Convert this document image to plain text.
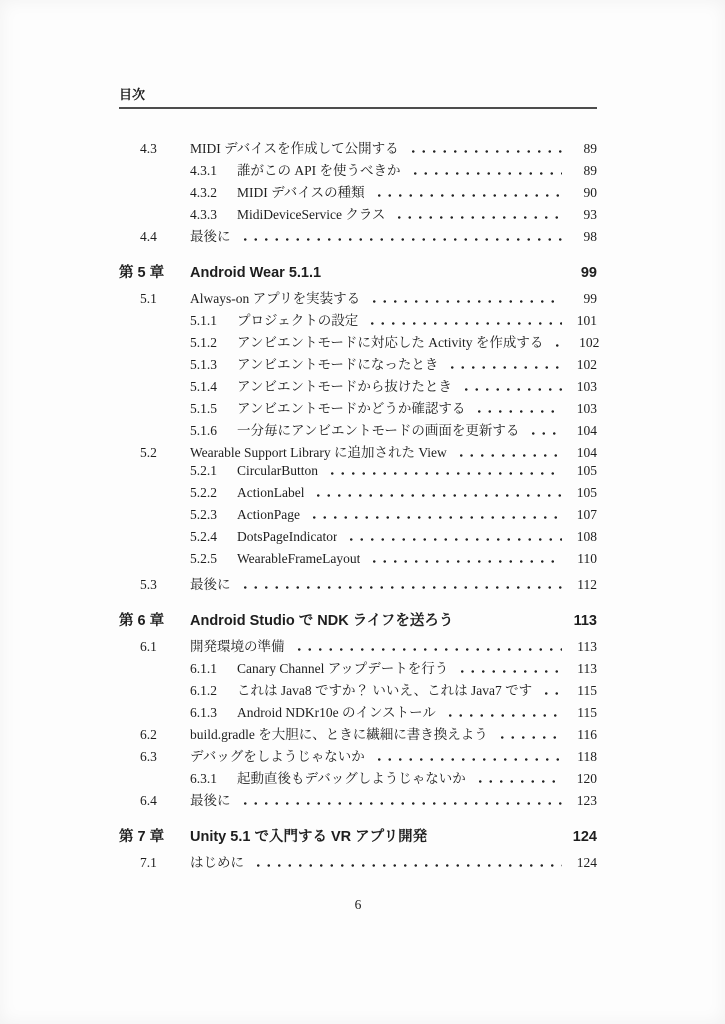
目次
4.3	MIDI デバイスを作成して公開する	89
4.3.1	誰がこの API を使うべきか	89
4.3.2	MIDI デバイスの種類	90
4.3.3	MidiDeviceService クラス	93
4.4	最後に	98
第 5 章	Android Wear 5.1.1	99
5.1	Always-on アプリを実装する	99
5.1.1	プロジェクトの設定	101
5.1.2	アンビエントモードに対応した Activity を作成する	102
5.1.3	アンビエントモードになったとき	102
5.1.4	アンビエントモードから抜けたとき	103
5.1.5	アンビエントモードかどうか確認する	103
5.1.6	一分毎にアンビエントモードの画面を更新する	104
5.2	Wearable Support Library に追加された View	104
5.2.1	CircularButton	105
5.2.2	ActionLabel	105
5.2.3	ActionPage	107
5.2.4	DotsPageIndicator	108
5.2.5	WearableFrameLayout	110
5.3	最後に	112
第 6 章	Android Studio で NDK ライフを送ろう	113
6.1	開発環境の準備	113
6.1.1	Canary Channel アップデートを行う	113
6.1.2	これは Java8 ですか？ いいえ、これは Java7 です	115
6.1.3	Android NDKr10e のインストール	115
6.2	build.gradle を大胆に、ときに繊細に書き換えよう	116
6.3	デバッグをしようじゃないか	118
6.3.1	起動直後もデバッグしようじゃないか	120
6.4	最後に	123
第 7 章	Unity 5.1 で入門する VR アプリ開発	124
7.1	はじめに	124
6
